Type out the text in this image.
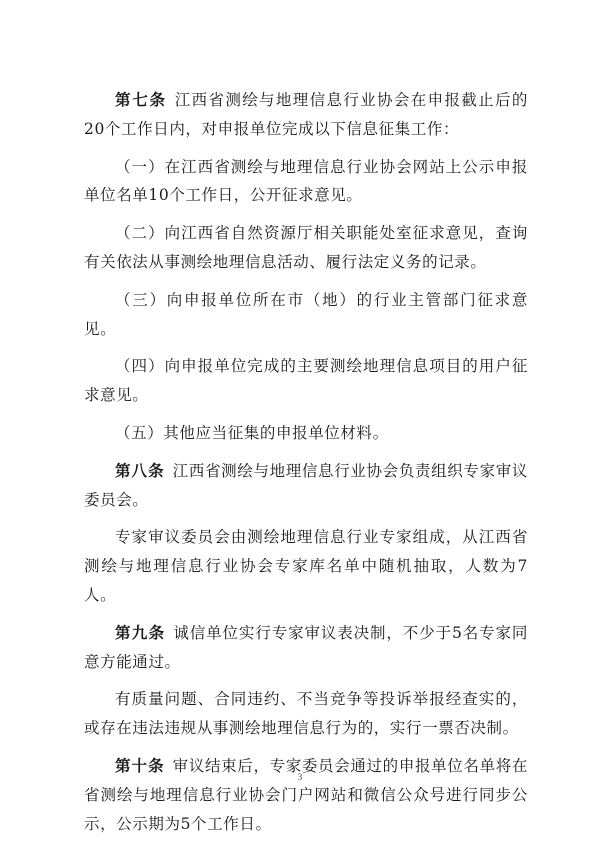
第七条 江西省测绘与地理信息行业协会在申报截止后的20个工作日内，对申报单位完成以下信息征集工作：

（一）在江西省测绘与地理信息行业协会网站上公示申报单位名单10个工作日，公开征求意见。

（二）向江西省自然资源厅相关职能处室征求意见，查询有关依法从事测绘地理信息活动、履行法定义务的记录。

（三）向申报单位所在市（地）的行业主管部门征求意见。

（四）向申报单位完成的主要测绘地理信息项目的用户征求意见。

（五）其他应当征集的申报单位材料。

第八条 江西省测绘与地理信息行业协会负责组织专家审议委员会。

专家审议委员会由测绘地理信息行业专家组成，从江西省测绘与地理信息行业协会专家库名单中随机抽取，人数为7人。

第九条 诚信单位实行专家审议表决制，不少于5名专家同意方能通过。

有质量问题、合同违约、不当竞争等投诉举报经查实的，或存在违法违规从事测绘地理信息行为的，实行一票否决制。

第十条 审议结束后，专家委员会通过的申报单位名单将在省测绘与地理信息行业协会门户网站和微信公众号进行同步公示，公示期为5个工作日。

3
